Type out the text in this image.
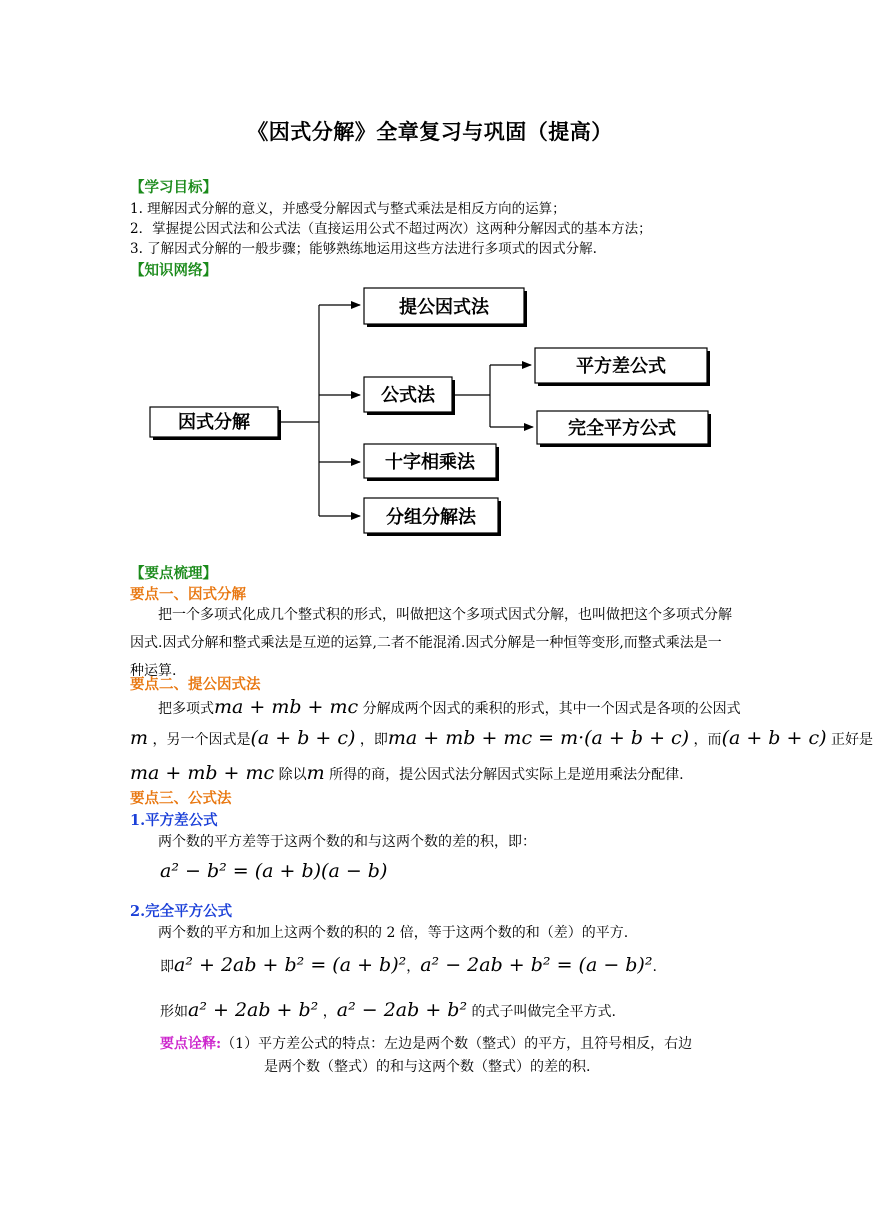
《因式分解》全章复习与巩固（提高）
【学习目标】
1. 理解因式分解的意义，并感受分解因式与整式乘法是相反方向的运算；
2．掌握提公因式法和公式法（直接运用公式不超过两次）这两种分解因式的基本方法；
3. 了解因式分解的一般步骤；能够熟练地运用这些方法进行多项式的因式分解.
【知识网络】
因式分解
提公因式法
公式法
十字相乘法
分组分解法
平方差公式
完全平方公式
【要点梳理】
要点一、因式分解
把一个多项式化成几个整式积的形式，叫做把这个多项式因式分解，也叫做把这个多项式分解因式.因式分解和整式乘法是互逆的运算,二者不能混淆.因式分解是一种恒等变形,而整式乘法是一种运算.
要点二、提公因式法
把多项式ma + mb + mc 分解成两个因式的乘积的形式，其中一个因式是各项的公因式
m ，另一个因式是(a + b + c) ，即ma + mb + mc = m·(a + b + c) ，而(a + b + c) 正好是
ma + mb + mc 除以m 所得的商，提公因式法分解因式实际上是逆用乘法分配律.
要点三、公式法
1.平方差公式
两个数的平方差等于这两个数的和与这两个数的差的积，即：
a² − b² = (a + b)(a − b)
2.完全平方公式
两个数的平方和加上这两个数的积的 2 倍，等于这两个数的和（差）的平方.
即a² + 2ab + b² = (a + b)²，a² − 2ab + b² = (a − b)².
形如a² + 2ab + b² ，a² − 2ab + b² 的式子叫做完全平方式.
要点诠释:（1）平方差公式的特点：左边是两个数（整式）的平方，且符号相反，右边
是两个数（整式）的和与这两个数（整式）的差的积.
